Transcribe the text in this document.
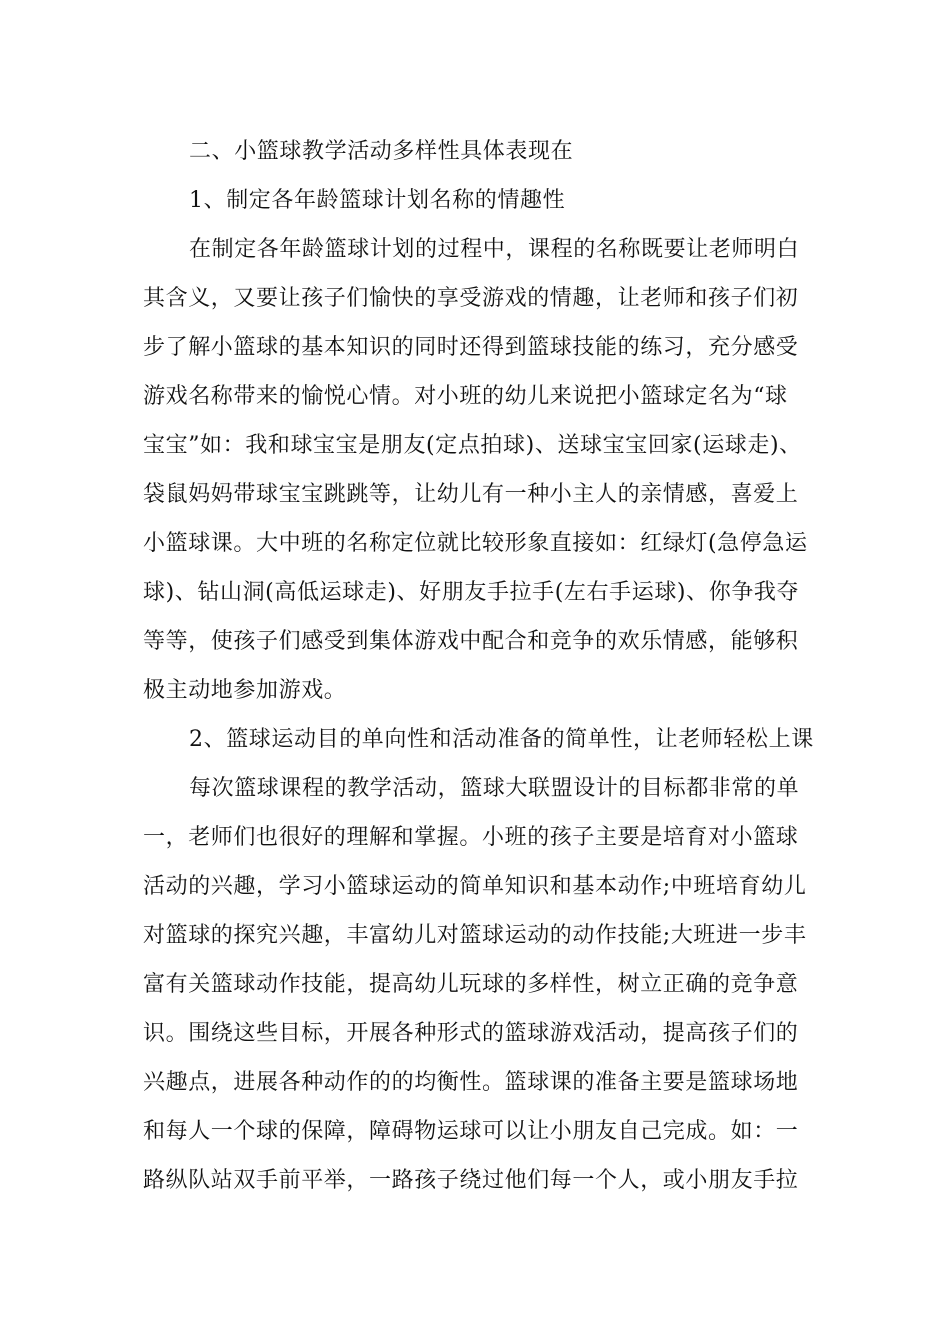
二、小篮球教学活动多样性具体表现在
1、制定各年龄篮球计划名称的情趣性
在制定各年龄篮球计划的过程中，课程的名称既要让老师明白
其含义，又要让孩子们愉快的享受游戏的情趣，让老师和孩子们初
步了解小篮球的基本知识的同时还得到篮球技能的练习，充分感受
游戏名称带来的愉悦心情。对小班的幼儿来说把小篮球定名为“球
宝宝”如：我和球宝宝是朋友(定点拍球)、送球宝宝回家(运球走)、
袋鼠妈妈带球宝宝跳跳等，让幼儿有一种小主人的亲情感，喜爱上
小篮球课。大中班的名称定位就比较形象直接如：红绿灯(急停急运
球)、钻山洞(高低运球走)、好朋友手拉手(左右手运球)、你争我夺
等等，使孩子们感受到集体游戏中配合和竞争的欢乐情感，能够积
极主动地参加游戏。
2、篮球运动目的单向性和活动准备的简单性，让老师轻松上课
每次篮球课程的教学活动，篮球大联盟设计的目标都非常的单
一，老师们也很好的理解和掌握。小班的孩子主要是培育对小篮球
活动的兴趣，学习小篮球运动的简单知识和基本动作;中班培育幼儿
对篮球的探究兴趣，丰富幼儿对篮球运动的动作技能;大班进一步丰
富有关篮球动作技能，提高幼儿玩球的多样性，树立正确的竞争意
识。围绕这些目标，开展各种形式的篮球游戏活动，提高孩子们的
兴趣点，进展各种动作的的均衡性。篮球课的准备主要是篮球场地
和每人一个球的保障，障碍物运球可以让小朋友自己完成。如：一
路纵队站双手前平举，一路孩子绕过他们每一个人，或小朋友手拉
